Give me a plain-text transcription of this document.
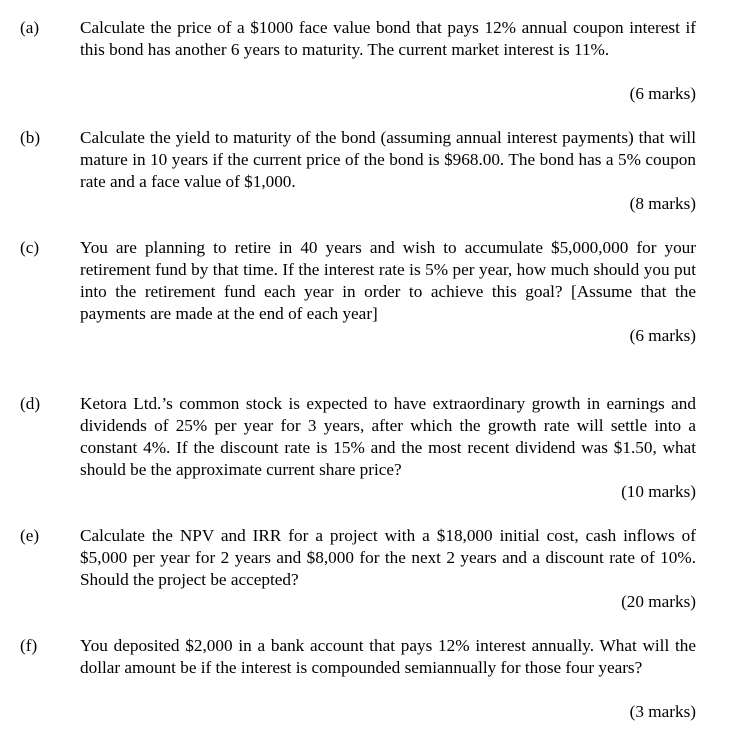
(a) Calculate the price of a $1000 face value bond that pays 12% annual coupon interest if this bond has another 6 years to maturity. The current market interest is 11%.

(6 marks)

(b) Calculate the yield to maturity of the bond (assuming annual interest payments) that will mature in 10 years if the current price of the bond is $968.00. The bond has a 5% coupon rate and a face value of $1,000.

(8 marks)

(c) You are planning to retire in 40 years and wish to accumulate $5,000,000 for your retirement fund by that time. If the interest rate is 5% per year, how much should you put into the retirement fund each year in order to achieve this goal? [Assume that the payments are made at the end of each year]

(6 marks)

(d) Ketora Ltd.’s common stock is expected to have extraordinary growth in earnings and dividends of 25% per year for 3 years, after which the growth rate will settle into a constant 4%. If the discount rate is 15% and the most recent dividend was $1.50, what should be the approximate current share price?

(10 marks)

(e) Calculate the NPV and IRR for a project with a $18,000 initial cost, cash inflows of $5,000 per year for 2 years and $8,000 for the next 2 years and a discount rate of 10%. Should the project be accepted?

(20 marks)

(f) You deposited $2,000 in a bank account that pays 12% interest annually. What will the dollar amount be if the interest is compounded semiannually for those four years?

(3 marks)
